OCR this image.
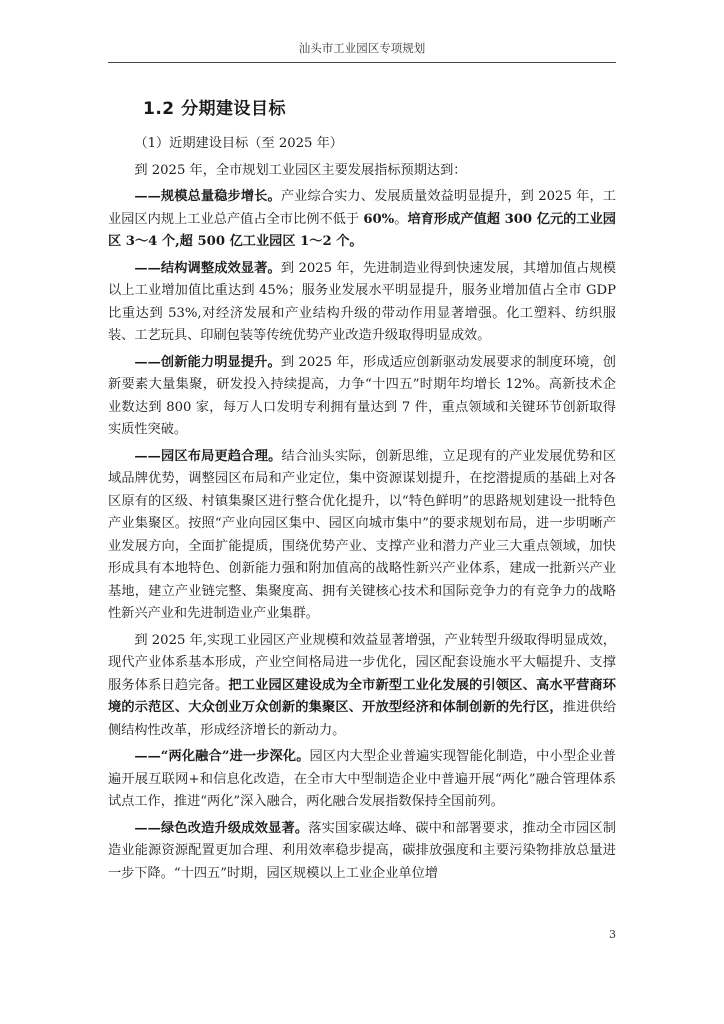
汕头市工业园区专项规划
1.2 分期建设目标

（1）近期建设目标（至 2025 年）

到 2025 年，全市规划工业园区主要发展指标预期达到：

——规模总量稳步增长。产业综合实力、发展质量效益明显提升，到 2025 年，工业园区内规上工业总产值占全市比例不低于 60%。培育形成产值超 300 亿元的工业园区 3～4 个,超 500 亿工业园区 1～2 个。

——结构调整成效显著。到 2025 年，先进制造业得到快速发展，其增加值占规模以上工业增加值比重达到 45%；服务业发展水平明显提升，服务业增加值占全市 GDP 比重达到 53%,对经济发展和产业结构升级的带动作用显著增强。化工塑料、纺织服装、工艺玩具、印刷包装等传统优势产业改造升级取得明显成效。

——创新能力明显提升。到 2025 年，形成适应创新驱动发展要求的制度环境，创新要素大量集聚，研发投入持续提高，力争“十四五”时期年均增长 12%。高新技术企业数达到 800 家，每万人口发明专利拥有量达到 7 件，重点领域和关键环节创新取得实质性突破。

——园区布局更趋合理。结合汕头实际，创新思维，立足现有的产业发展优势和区域品牌优势，调整园区布局和产业定位，集中资源谋划提升，在挖潜提质的基础上对各区原有的区级、村镇集聚区进行整合优化提升，以“特色鲜明”的思路规划建设一批特色产业集聚区。按照“产业向园区集中、园区向城市集中”的要求规划布局，进一步明晰产业发展方向，全面扩能提质，围绕优势产业、支撑产业和潜力产业三大重点领域，加快形成具有本地特色、创新能力强和附加值高的战略性新兴产业体系，建成一批新兴产业基地，建立产业链完整、集聚度高、拥有关键核心技术和国际竞争力的有竞争力的战略性新兴产业和先进制造业产业集群。

到 2025 年,实现工业园区产业规模和效益显著增强，产业转型升级取得明显成效，现代产业体系基本形成，产业空间格局进一步优化，园区配套设施水平大幅提升、支撑服务体系日趋完备。把工业园区建设成为全市新型工业化发展的引领区、高水平营商环境的示范区、大众创业万众创新的集聚区、开放型经济和体制创新的先行区，推进供给侧结构性改革，形成经济增长的新动力。

——“两化融合”进一步深化。园区内大型企业普遍实现智能化制造，中小型企业普遍开展互联网+和信息化改造，在全市大中型制造企业中普遍开展“两化”融合管理体系试点工作，推进“两化”深入融合，两化融合发展指数保持全国前列。

——绿色改造升级成效显著。落实国家碳达峰、碳中和部署要求，推动全市园区制造业能源资源配置更加合理、利用效率稳步提高，碳排放强度和主要污染物排放总量进一步下降。“十四五”时期，园区规模以上工业企业单位增

3
